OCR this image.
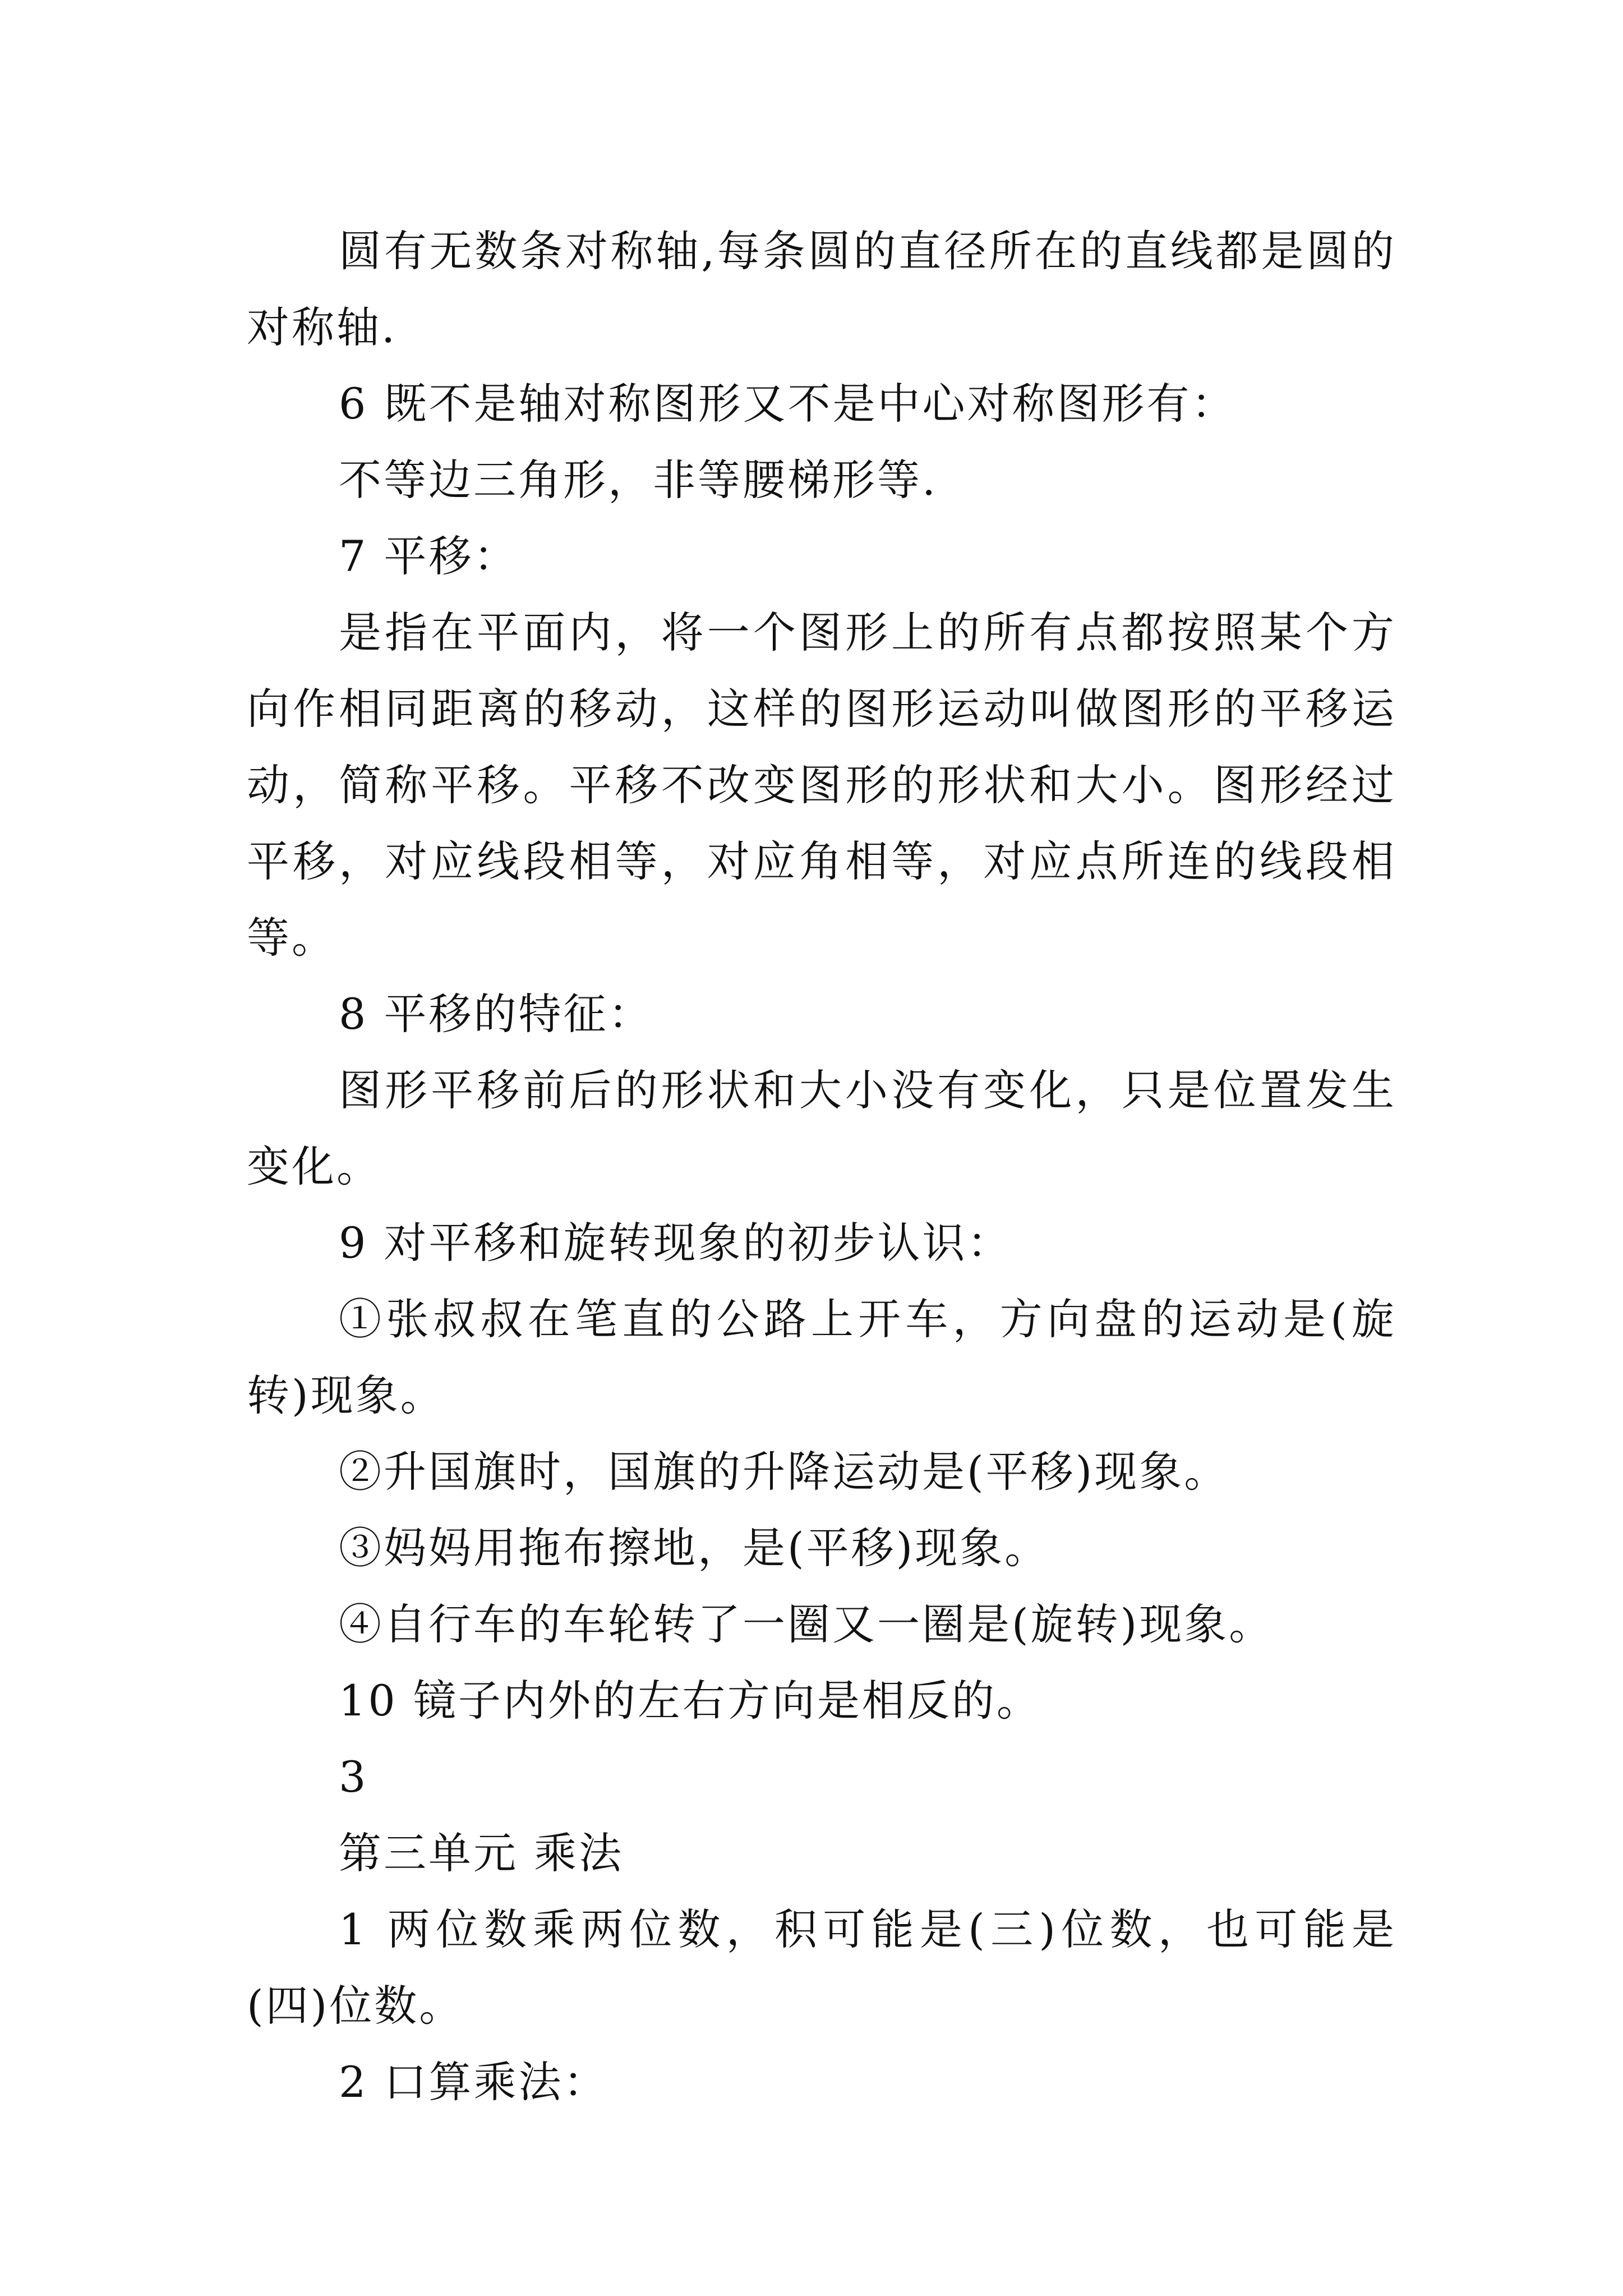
圆有无数条对称轴,每条圆的直径所在的直线都是圆的对称轴.

6 既不是轴对称图形又不是中心对称图形有：

不等边三角形，非等腰梯形等.

7 平移：

是指在平面内，将一个图形上的所有点都按照某个方向作相同距离的移动，这样的图形运动叫做图形的平移运动，简称平移。平移不改变图形的形状和大小。图形经过平移，对应线段相等，对应角相等，对应点所连的线段相等。

8 平移的特征：

图形平移前后的形状和大小没有变化，只是位置发生变化。

9 对平移和旋转现象的初步认识：

①张叔叔在笔直的公路上开车，方向盘的运动是(旋转)现象。

②升国旗时，国旗的升降运动是(平移)现象。

③妈妈用拖布擦地，是(平移)现象。

④自行车的车轮转了一圈又一圈是(旋转)现象。

10 镜子内外的左右方向是相反的。

3

第三单元 乘法

1 两位数乘两位数，积可能是(三)位数，也可能是(四)位数。

2 口算乘法：
